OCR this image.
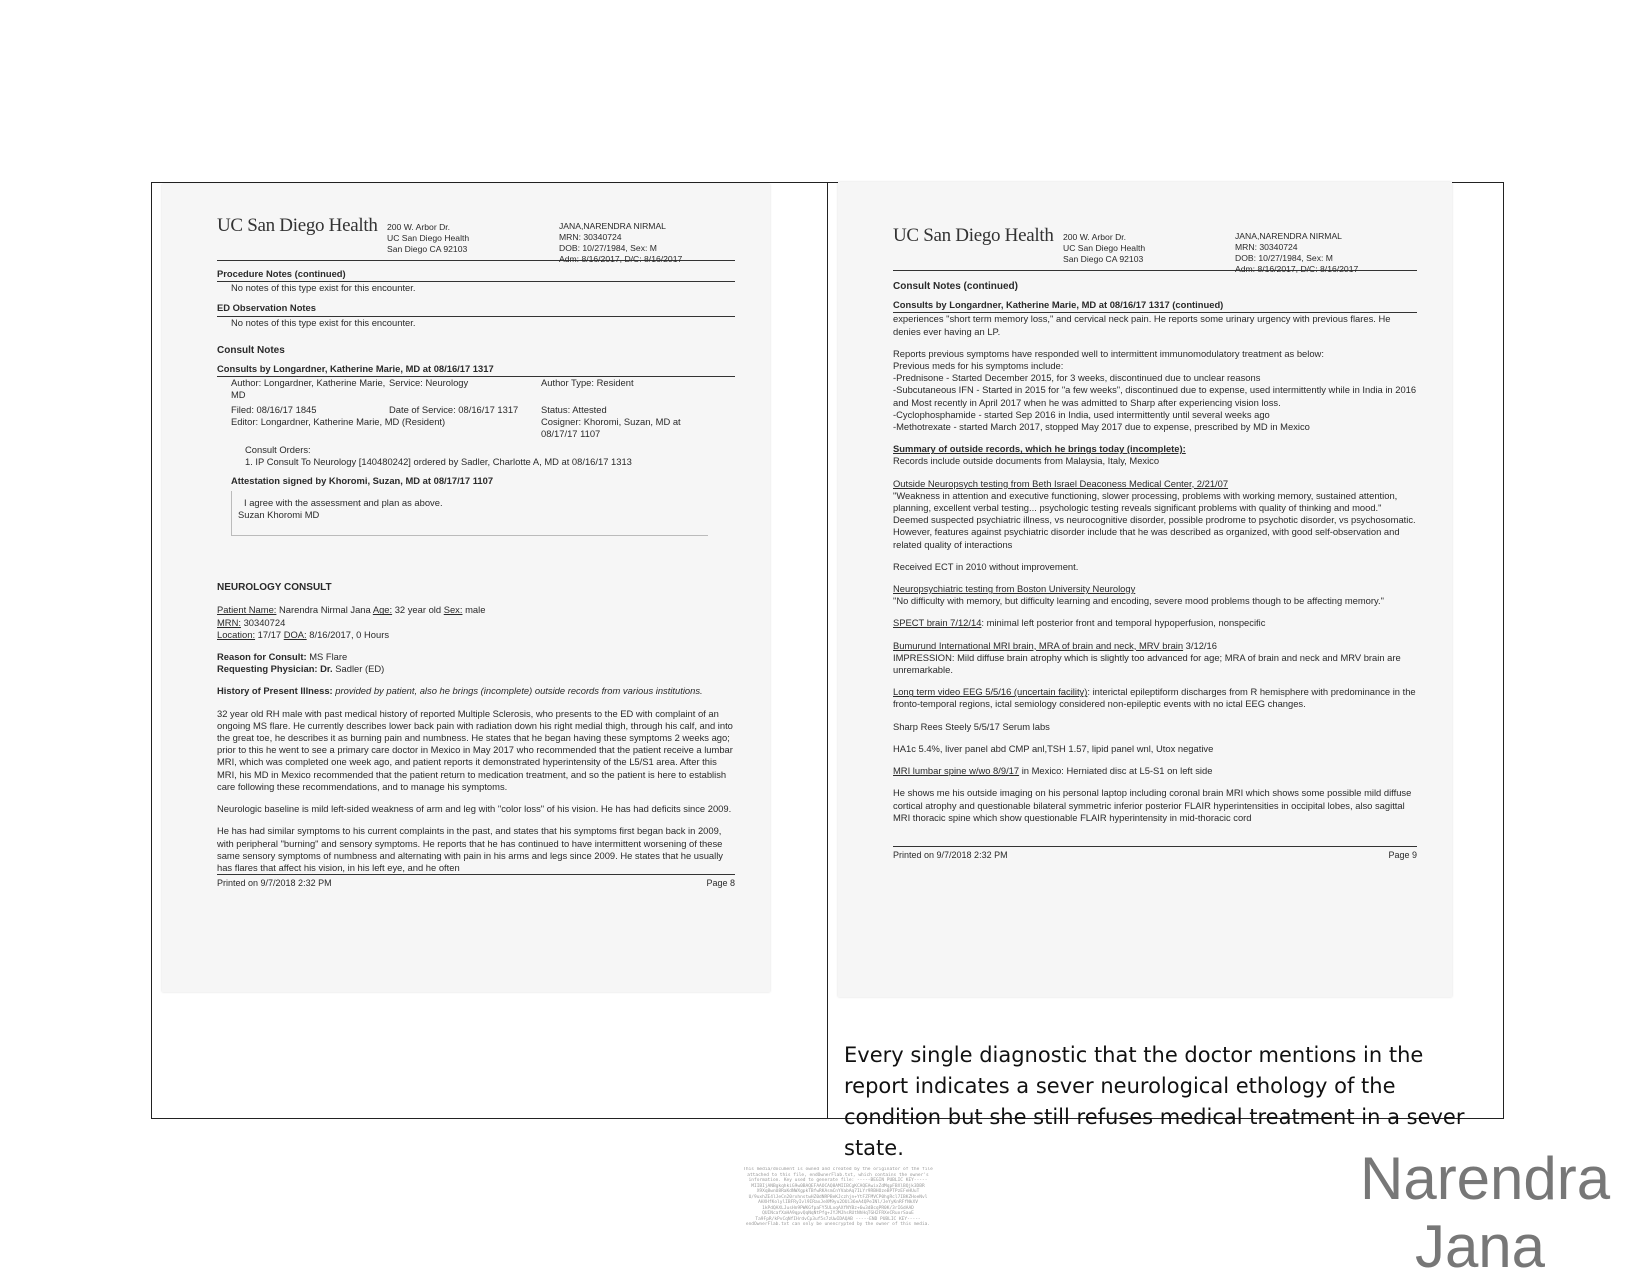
UC San Diego Health 200 W. Arbor Dr.
UC San Diego Health
San Diego CA 92103
JANA,NARENDRA NIRMAL
MRN: 30340724
DOB: 10/27/1984, Sex: M
Adm: 8/16/2017, D/C: 8/16/2017
Procedure Notes (continued)

No notes of this type exist for this encounter.

ED Observation Notes

No notes of this type exist for this encounter.

Consult Notes

Consults by Longardner, Katherine Marie, MD at 08/16/17 1317
Author: Longardner, Katherine Marie, MD
Service: Neurology	Author Type: Resident
Filed: 08/16/17 1845	Date of Service: 08/16/17 1317	Status: Attested
Editor: Longardner, Katherine Marie, MD (Resident)	Cosigner: Khoromi, Suzan, MD at 08/17/17 1107

Consult Orders:

1. IP Consult To Neurology [140480242] ordered by Sadler, Charlotte A, MD at 08/16/17 1313

Attestation signed by Khoromi, Suzan, MD at 08/17/17 1107

I agree with the assessment and plan as above.

Suzan Khoromi MD

NEUROLOGY CONSULT

Patient Name: Narendra Nirmal Jana Age: 32 year old Sex: male

MRN: 30340724

Location: 17/17 DOA: 8/16/2017, 0 Hours

Reason for Consult: MS Flare

Requesting Physician: Dr. Sadler (ED)

History of Present Illness: provided by patient, also he brings (incomplete) outside records from various institutions.

32 year old RH male with past medical history of reported Multiple Sclerosis, who presents to the ED with complaint of an ongoing MS flare. He currently describes lower back pain with radiation down his right medial thigh, through his calf, and into the great toe, he describes it as burning pain and numbness. He states that he began having these symptoms 2 weeks ago; prior to this he went to see a primary care doctor in Mexico in May 2017 who recommended that the patient receive a lumbar MRI, which was completed one week ago, and patient reports it demonstrated hyperintensity of the L5/S1 area. After this MRI, his MD in Mexico recommended that the patient return to medication treatment, and so the patient is here to establish care following these recommendations, and to manage his symptoms.

Neurologic baseline is mild left-sided weakness of arm and leg with "color loss" of his vision. He has had deficits since 2009.

He has had similar symptoms to his current complaints in the past, and states that his symptoms first began back in 2009, with peripheral "burning" and sensory symptoms. He reports that he has continued to have intermittent worsening of these same sensory symptoms of numbness and alternating with pain in his arms and legs since 2009. He states that he usually has flares that affect his vision, in his left eye, and he often

Printed on 9/7/2018 2:32 PM	Page 8
UC San Diego Health 200 W. Arbor Dr.
UC San Diego Health
San Diego CA 92103
JANA,NARENDRA NIRMAL
MRN: 30340724
DOB: 10/27/1984, Sex: M
Adm: 8/16/2017, D/C: 8/16/2017

Consult Notes (continued)

Consults by Longardner, Katherine Marie, MD at 08/16/17 1317 (continued)

experiences "short term memory loss," and cervical neck pain. He reports some urinary urgency with previous flares. He denies ever having an LP.

Reports previous symptoms have responded well to intermittent immunomodulatory treatment as below:

Previous meds for his symptoms include:

-Prednisone - Started December 2015, for 3 weeks, discontinued due to unclear reasons

-Subcutaneous IFN - Started in 2015 for "a few weeks", discontinued due to expense, used intermittently while in India in 2016 and Most recently in April 2017 when he was admitted to Sharp after experiencing vision loss.

-Cyclophosphamide - started Sep 2016 in India, used intermittently until several weeks ago

-Methotrexate - started March 2017, stopped May 2017 due to expense, prescribed by MD in Mexico

Summary of outside records, which he brings today (incomplete):

Records include outside documents from Malaysia, Italy, Mexico

Outside Neuropsych testing from Beth Israel Deaconess Medical Center, 2/21/07

"Weakness in attention and executive functioning, slower processing, problems with working memory, sustained attention, planning, excellent verbal testing... psychologic testing reveals significant problems with quality of thinking and mood." Deemed suspected psychiatric illness, vs neurocognitive disorder, possible prodrome to psychotic disorder, vs psychosomatic. However, features against psychiatric disorder include that he was described as organized, with good self-observation and related quality of interactions

Received ECT in 2010 without improvement.

Neuropsychiatric testing from Boston University Neurology

"No difficulty with memory, but difficulty learning and encoding, severe mood problems though to be affecting memory."

SPECT brain 7/12/14: minimal left posterior front and temporal hypoperfusion, nonspecific

Bumurund International MRI brain, MRA of brain and neck, MRV brain 3/12/16

IMPRESSION: Mild diffuse brain atrophy which is slightly too advanced for age; MRA of brain and neck and MRV brain are unremarkable.

Long term video EEG 5/5/16 (uncertain facility): interictal epileptiform discharges from R hemisphere with predominance in the fronto-temporal regions, ictal semiology considered non-epileptic events with no ictal EEG changes.

Sharp Rees Steely 5/5/17 Serum labs

HA1c 5.4%, liver panel abd CMP anl,TSH 1.57, lipid panel wnl, Utox negative

MRI lumbar spine w/wo 8/9/17 in Mexico: Herniated disc at L5-S1 on left side

He shows me his outside imaging on his personal laptop including coronal brain MRI which shows some possible mild diffuse cortical atrophy and questionable bilateral symmetric inferior posterior FLAIR hyperintensities in occipital lobes, also sagittal MRI thoracic spine which show questionable FLAIR hyperintensity in mid-thoracic cord

Printed on 9/7/2018 2:32 PM	Page 9
Every single diagnostic that the doctor mentions in the report indicates a sever neurological ethology of the condition but she still refuses medical treatment in a sever state.
This media/document is owned and created by the originator of the file attached to this file, endOwnerFlab.txt, which contains the owner's information. Key used to generate file: -----BEGIN PUBLIC KEY----- MIIBIjANBgkqhkiG9w0BAQEFAAOCAQ8AMIIBCgKCAQEAwixZdMqpFBXlBQjk3DBR X9Xq8wnU8RaKdNWXgpkTBfwRKAsmCnYVabAq7ILYr9RBHOzeBPTPzEFeHUuT U/9uxhZE4lJeCn20rxhnstwHZ0dNRPBeKJczhjn+YtFZFMVCP0hgRcl7IBKZHoeNvl AHXHfKolylIBFRyIvl9IRaxJeXM9yu2OUi36eA4QPeINl/JeYyKnRFfNkXV 1kPdQAXLJusHn9PWKGfpaFY5ULxqAXfNYBz+6w3dBcqPR0K/3rI6dAAD QUINcafXaHA9qpvQqNqNtPfg+JYJMJhsRUtNhHqTGH2FRXeCRuorSauE Ta9FpR/kPvCqNfIHrdvCp3uf5s7zUwIDAQAB -----END PUBLIC KEY----- endOwnerFlab.txt can only be unencrypted by the owner of this media.
Narendra
Jana
